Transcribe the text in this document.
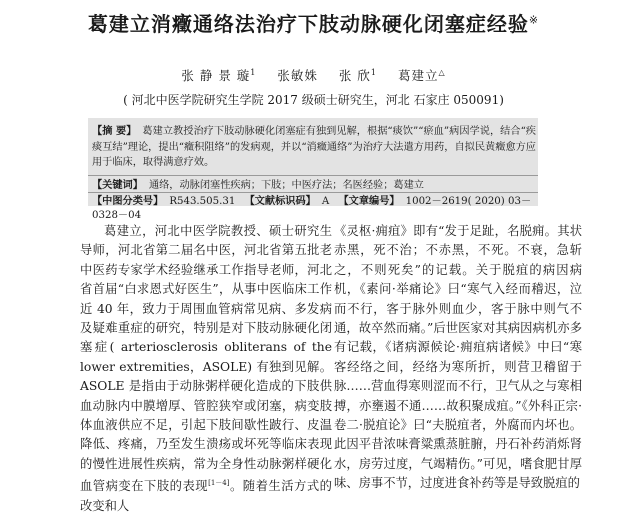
葛建立消癥通络法治疗下肢动脉硬化闭塞症经验※
张 静 景 璇$^1$ 张敏姝 张 欣$^1$ 葛建立△
( 河北中医学院研究生学院 2017 级硕士研究生，河北 石家庄 050091)
【摘 要】 葛建立教授治疗下肢动脉硬化闭塞症有独到见解，根据“痰饮”“瘀血”病因学说，结合“疾痰互结”理论，提出“癥积阻络”的发病观，并以“消癥通络”为治疗大法遣方用药，自拟民黄癥愈方应用于临床，取得满意疗效。
【关键词】 通络，动脉闭塞性疾病；下肢；中医疗法；名医经验；葛建立
【中图分类号】 R543.505.31 【文献标识码】 A 【文章编号】 1002－2619( 2020) 03－0328－04

葛建立，河北中医学院教授、硕士研究生导师，河北省第二届名中医，河北省第五批老中医药专家学术经验继承工作指导老师，河北省首届“白求恩式好医生”，从事中医临床工作近 40 年，致力于周围血管病常见病、多发病及疑难重症的研究，特别是对下肢动脉硬化闭塞症( arteriosclerosis obliterans of the lower extremities，ASOLE) 有独到见解。ASOLE 是指由于动脉粥样硬化造成的下肢供血动脉内中膜增厚、管腔狭窄或闭塞，病变肢体血液供应不足，引起下肢间歇性跛行、皮温降低、疼痛，乃至发生溃疡或坏死等临床表现的慢性进展性疾病，常为全身性动脉粥样硬化血管病变在下肢的表现[1－4]。随着生活方式的改变和人

《灵枢·痈疽》即有“发于足趾，名脱痈。其状赤黑，死不治；不赤黑，不死。不衰，急斩之，不则死矣”的记载。关于脱疽的病因病机，《素问·举痛论》曰“寒气入经而稽迟，泣而不行，客于脉外则血少，客于脉中则气不通，故卒然而痛。”后世医家对其病因病机亦多有记载，《诸病源候论·痈疽病诸候》中曰“寒客经络之间，经络为寒所折，则营卫稽留于脉……营血得寒则涩而不行，卫气从之与寒相搏，亦壅遏不通……故积聚成疽。”《外科正宗·卷二·脱疽论》曰“夫脱疽者，外腐而内坏也。此因平昔浓味膏粱熏蒸脏腑，丹石补药消烁肾水，房劳过度，气竭精伤。”可见，嗜食肥甘厚味、房事不节，过度进食补药等是导致脱疽的
